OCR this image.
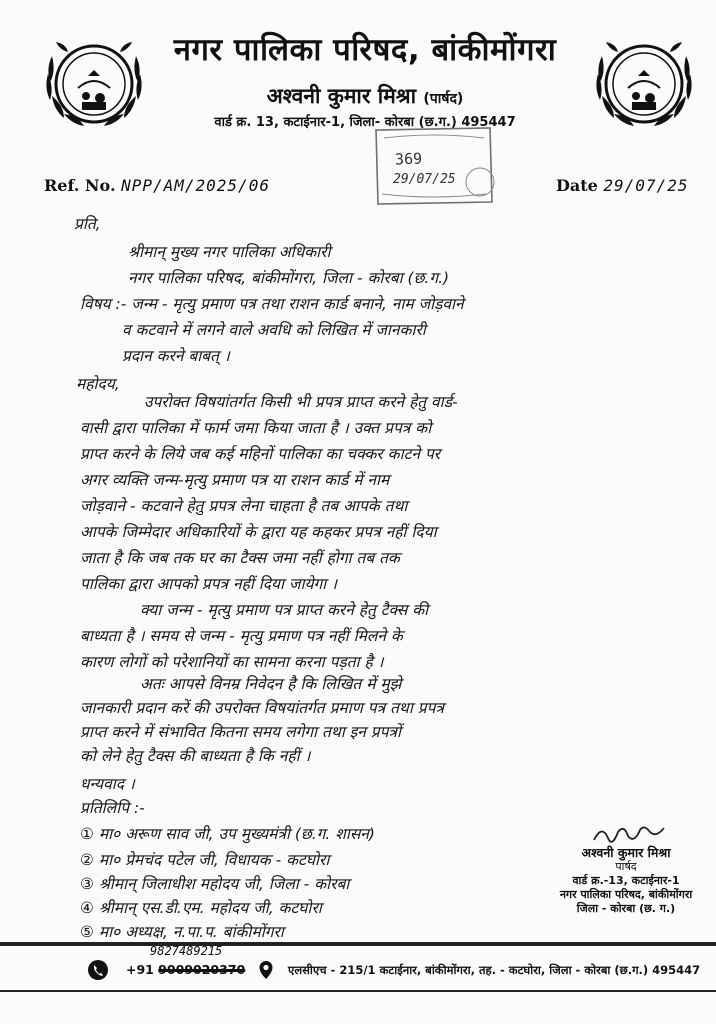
नगर पालिका परिषद, बांकीमोंगरा
अश्वनी कुमार मिश्रा (पार्षद)
वार्ड क्र. 13, कटाईनार-1, जिला- कोरबा (छ.ग.) 495447
369
29/07/25
Ref. No. NPP/AM/2025/06	Date 29/07/25
प्रति,
श्रीमान् मुख्य नगर पालिका अधिकारी
नगर पालिका परिषद, बांकीमोंगरा, जिला - कोरबा (छ.ग.)
विषय :- जन्म - मृत्यु प्रमाण पत्र तथा राशन कार्ड बनाने, नाम जोड़वाने
व कटवाने में लगने वाले अवधि को लिखित में जानकारी
प्रदान करने बाबत् ।
महोदय,
उपरोक्त विषयांतर्गत किसी भी प्रपत्र प्राप्त करने हेतु वार्ड-
वासी द्वारा पालिका में फार्म जमा किया जाता है । उक्त प्रपत्र को
प्राप्त करने के लिये जब कई महिनों पालिका का चक्कर काटने पर
अगर व्यक्ति जन्म-मृत्यु प्रमाण पत्र या राशन कार्ड में नाम
जोड़वाने - कटवाने हेतु प्रपत्र लेना चाहता है तब आपके तथा
आपके जिम्मेदार अधिकारियों के द्वारा यह कहकर प्रपत्र नहीं दिया
जाता है कि जब तक घर का टैक्स जमा नहीं होगा तब तक
पालिका द्वारा आपको प्रपत्र नहीं दिया जायेगा ।
क्या जन्म - मृत्यु प्रमाण पत्र प्राप्त करने हेतु टैक्स की
बाध्यता है । समय से जन्म - मृत्यु प्रमाण पत्र नहीं मिलने के
कारण लोगों को परेशानियों का सामना करना पड़ता है ।
अतः आपसे विनम्र निवेदन है कि लिखित में मुझे
जानकारी प्रदान करें की उपरोक्त विषयांतर्गत प्रमाण पत्र तथा प्रपत्र
प्राप्त करने में संभावित कितना समय लगेगा तथा इन प्रपत्रों
को लेने हेतु टैक्स की बाध्यता है कि नहीं ।
धन्यवाद ।
प्रतिलिपि :-
① मा० अरूण साव जी, उप मुख्यमंत्री (छ.ग. शासन)
② मा० प्रेमचंद पटेल जी, विधायक - कटघोरा
③ श्रीमान् जिलाधीश महोदय जी, जिला - कोरबा
④ श्रीमान् एस.डी.एम. महोदय जी, कटघोरा
⑤ मा० अध्यक्ष, न.पा.प. बांकीमोंगरा
अश्वनी कुमार मिश्रा
पार्षद
वार्ड क्र.-13, कटाईनार-1
नगर पालिका परिषद, बांकीमोंगरा
जिला - कोरबा (छ. ग.)
9827489215
+91 9009020370	एलसीएच - 215/1 कटाईनार, बांकीमोंगरा, तह. - कटघोरा, जिला - कोरबा (छ.ग.) 495447
